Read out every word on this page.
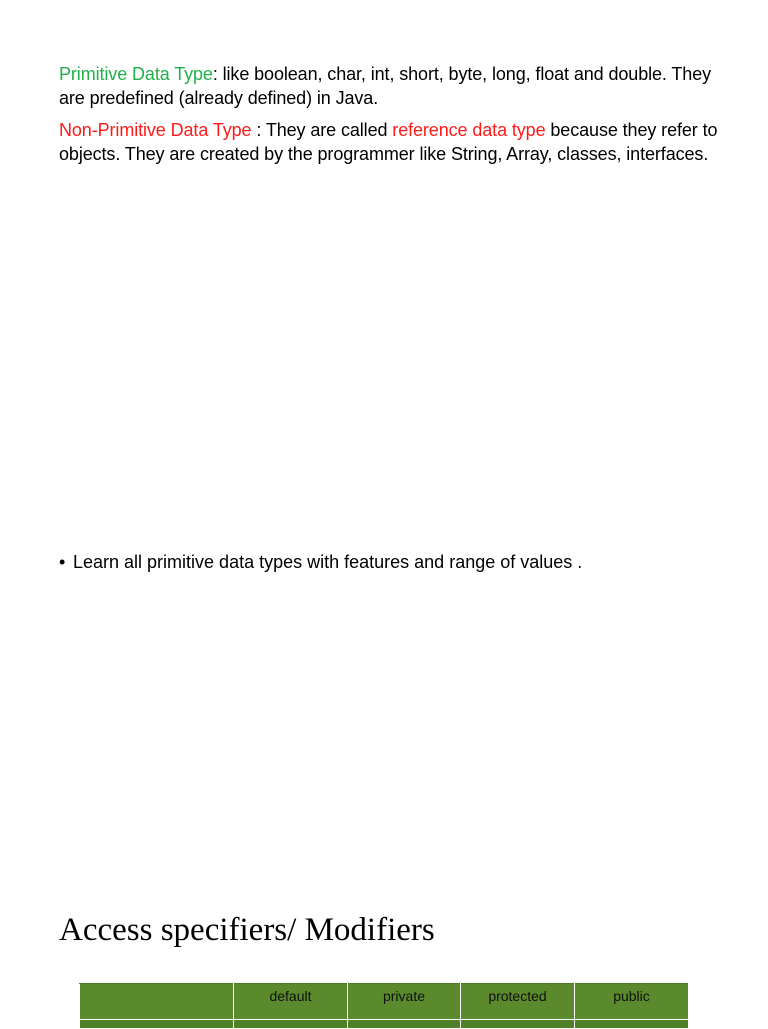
Primitive Data Type: like boolean, char, int, short, byte, long, float and double. They are predefined (already defined) in Java.

Non-Primitive Data Type : They are called reference data type because they refer to objects. They are created by the programmer like String, Array, classes, interfaces.

• Learn all primitive data types with features and range of values .

Access specifiers/ Modifiers
	default	private	protected	public
